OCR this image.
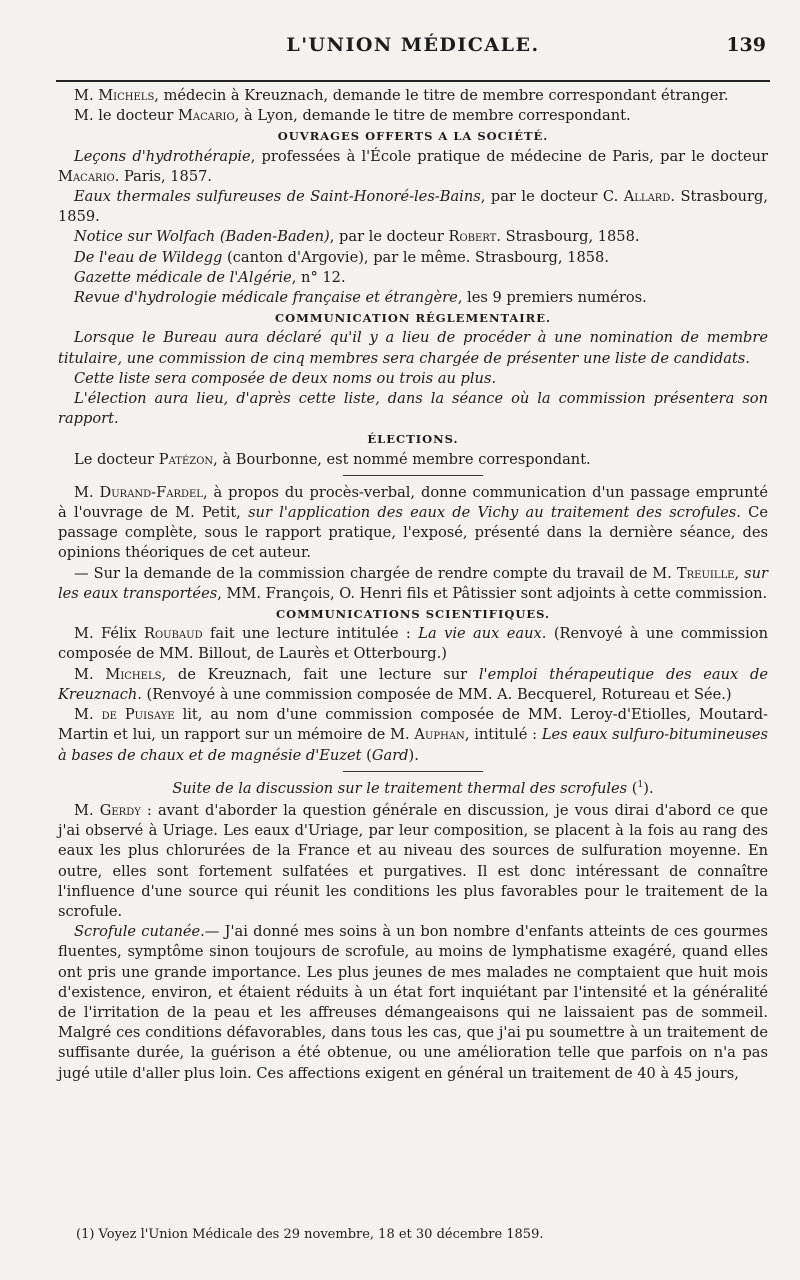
L'UNION MÉDICALE.	139

M. Michels, médecin à Kreuznach, demande le titre de membre correspondant étranger.

M. le docteur Macario, à Lyon, demande le titre de membre correspondant.

OUVRAGES OFFERTS A LA SOCIÉTÉ.

Leçons d'hydrothérapie, professées à l'École pratique de médecine de Paris, par le docteur Macario. Paris, 1857.

Eaux thermales sulfureuses de Saint-Honoré-les-Bains, par le docteur C. Allard. Strasbourg, 1859.

Notice sur Wolfach (Baden-Baden), par le docteur Robert. Strasbourg, 1858.

De l'eau de Wildegg (canton d'Argovie), par le même. Strasbourg, 1858.

Gazette médicale de l'Algérie, n° 12.

Revue d'hydrologie médicale française et étrangère, les 9 premiers numéros.

COMMUNICATION RÉGLEMENTAIRE.

Lorsque le Bureau aura déclaré qu'il y a lieu de procéder à une nomination de membre titulaire, une commission de cinq membres sera chargée de présenter une liste de candidats.

Cette liste sera composée de deux noms ou trois au plus.

L'élection aura lieu, d'après cette liste, dans la séance où la commission présentera son rapport.

ÉLECTIONS.

Le docteur Patézon, à Bourbonne, est nommé membre correspondant.

M. Durand-Fardel, à propos du procès-verbal, donne communication d'un passage emprunté à l'ouvrage de M. Petit, sur l'application des eaux de Vichy au traitement des scrofules. Ce passage complète, sous le rapport pratique, l'exposé, présenté dans la dernière séance, des opinions théoriques de cet auteur.

— Sur la demande de la commission chargée de rendre compte du travail de M. Treuille, sur les eaux transportées, MM. François, O. Henri fils et Pâtissier sont adjoints à cette commission.

COMMUNICATIONS SCIENTIFIQUES.

M. Félix Roubaud fait une lecture intitulée : La vie aux eaux. (Renvoyé à une commission composée de MM. Billout, de Laurès et Otterbourg.)

M. Michels, de Kreuznach, fait une lecture sur l'emploi thérapeutique des eaux de Kreuznach. (Renvoyé à une commission composée de MM. A. Becquerel, Rotureau et Sée.)

M. de Puisaye lit, au nom d'une commission composée de MM. Leroy-d'Etiolles, Moutard-Martin et lui, un rapport sur un mémoire de M. Auphan, intitulé : Les eaux sulfuro-bitumineuses à bases de chaux et de magnésie d'Euzet (Gard).

Suite de la discussion sur le traitement thermal des scrofules ($^1$).

M. Gerdy : avant d'aborder la question générale en discussion, je vous dirai d'abord ce que j'ai observé à Uriage. Les eaux d'Uriage, par leur composition, se placent à la fois au rang des eaux les plus chlorurées de la France et au niveau des sources de sulfuration moyenne. En outre, elles sont fortement sulfatées et purgatives. Il est donc intéressant de connaître l'influence d'une source qui réunit les conditions les plus favorables pour le traitement de la scrofule.

Scrofule cutanée.— J'ai donné mes soins à un bon nombre d'enfants atteints de ces gourmes fluentes, symptôme sinon toujours de scrofule, au moins de lymphatisme exagéré, quand elles ont pris une grande importance. Les plus jeunes de mes malades ne comptaient que huit mois d'existence, environ, et étaient réduits à un état fort inquiétant par l'intensité et la généralité de l'irritation de la peau et les affreuses démangeaisons qui ne laissaient pas de sommeil. Malgré ces conditions défavorables, dans tous les cas, que j'ai pu soumettre à un traitement de suffisante durée, la guérison a été obtenue, ou une amélioration telle que parfois on n'a pas jugé utile d'aller plus loin. Ces affections exigent en général un traitement de 40 à 45 jours,

(1) Voyez l'Union Médicale des 29 novembre, 18 et 30 décembre 1859.
